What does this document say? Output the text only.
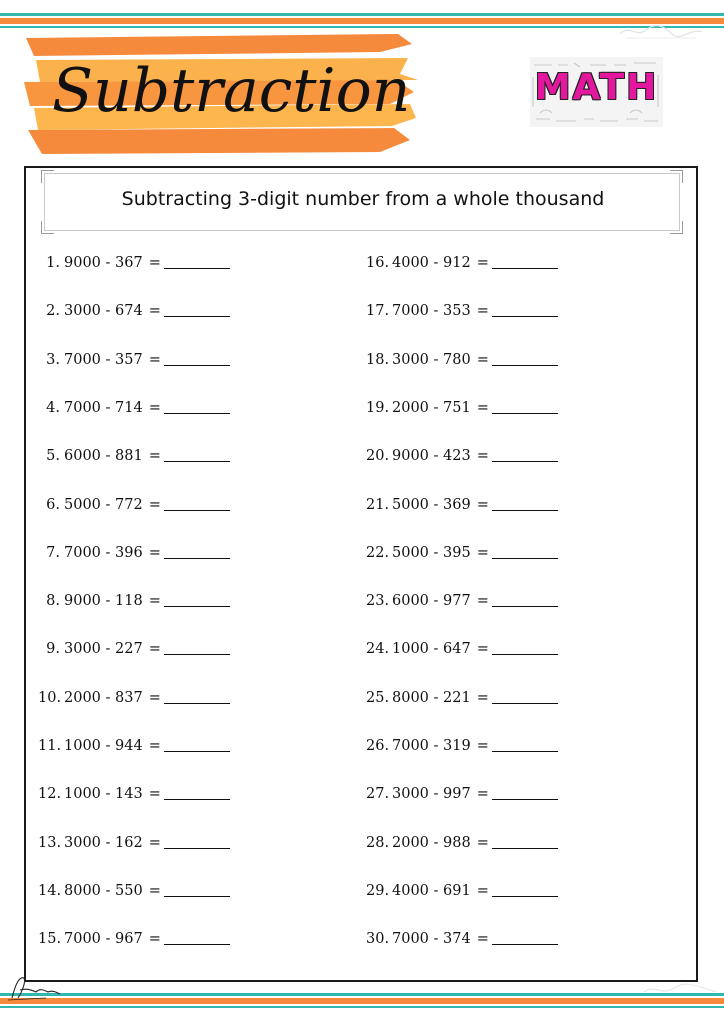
Subtraction	MATH
Subtracting 3-digit number from a whole thousand
1. 9000 - 367 =
2. 3000 - 674 =
3. 7000 - 357 =
4. 7000 - 714 =
5. 6000 - 881 =
6. 5000 - 772 =
7. 7000 - 396 =
8. 9000 - 118 =
9. 3000 - 227 =
10. 2000 - 837 =
11. 1000 - 944 =
12. 1000 - 143 =
13. 3000 - 162 =
14. 8000 - 550 =
15. 7000 - 967 =
16. 4000 - 912 =
17. 7000 - 353 =
18. 3000 - 780 =
19. 2000 - 751 =
20. 9000 - 423 =
21. 5000 - 369 =
22. 5000 - 395 =
23. 6000 - 977 =
24. 1000 - 647 =
25. 8000 - 221 =
26. 7000 - 319 =
27. 3000 - 997 =
28. 2000 - 988 =
29. 4000 - 691 =
30. 7000 - 374 =
